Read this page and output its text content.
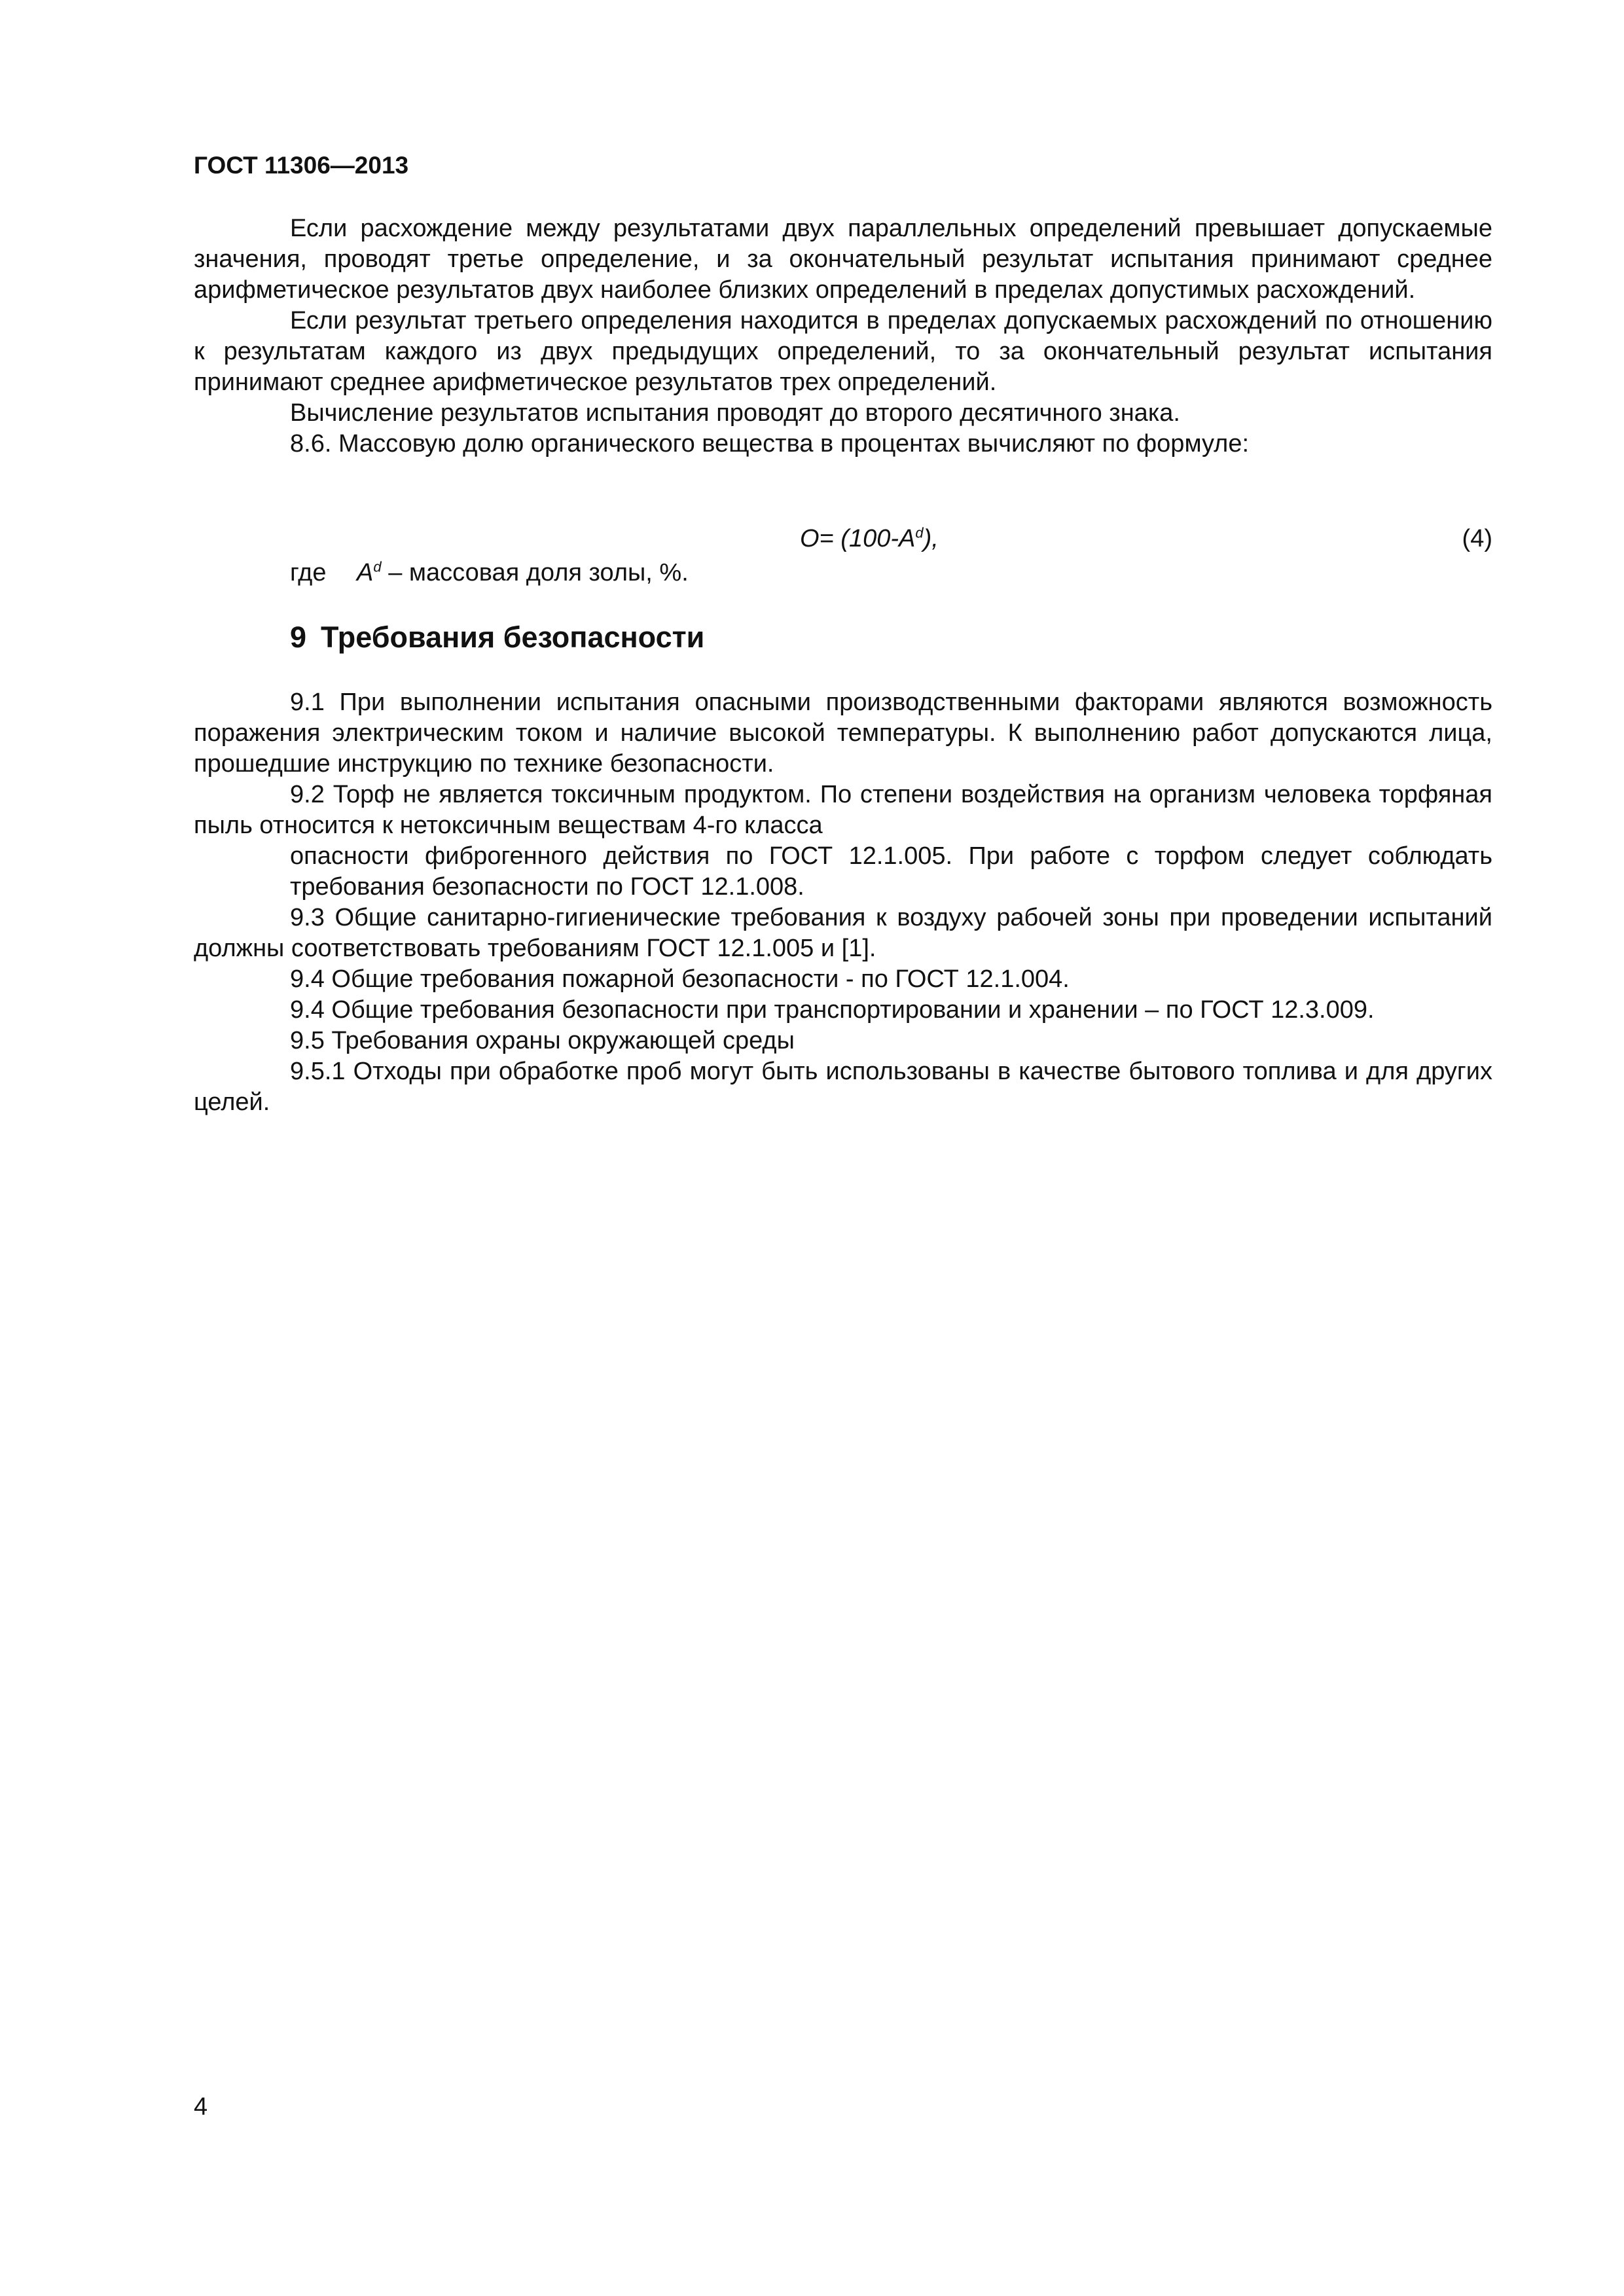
ГОСТ 11306—2013

Если расхождение между результатами двух параллельных определений превышает допускаемые значения, проводят третье определение, и за окончательный результат испытания принимают среднее арифметическое результатов двух наиболее близких определений в пределах допустимых расхождений.

Если результат третьего определения находится в пределах допускаемых расхождений по отношению к результатам каждого из двух предыдущих определений, то за окончательный результат испытания принимают среднее арифметическое результатов трех определений.

Вычисление результатов испытания проводят до второго десятичного знака.

8.6. Массовую долю органического вещества в процентах вычисляют по формуле:

$O= (100-A^d)$,	(4)
где $A^d$ – массовая доля золы, %.
9 Требования безопасности

9.1 При выполнении испытания опасными производственными факторами являются возможность поражения электрическим током и наличие высокой температуры. К выполнению работ допускаются лица, прошедшие инструкцию по технике безопасности.

9.2 Торф не является токсичным продуктом. По степени воздействия на организм человека торфяная пыль относится к нетоксичным веществам 4-го класса

опасности фиброгенного действия по ГОСТ 12.1.005. При работе с торфом следует соблюдать требования безопасности по ГОСТ 12.1.008.

9.3 Общие санитарно-гигиенические требования к воздуху рабочей зоны при проведении испытаний должны соответствовать требованиям ГОСТ 12.1.005 и [1].

9.4 Общие требования пожарной безопасности - по ГОСТ 12.1.004.

9.4 Общие требования безопасности при транспортировании и хранении – по ГОСТ 12.3.009.

9.5 Требования охраны окружающей среды

9.5.1 Отходы при обработке проб могут быть использованы в качестве бытового топлива и для других целей.

4
